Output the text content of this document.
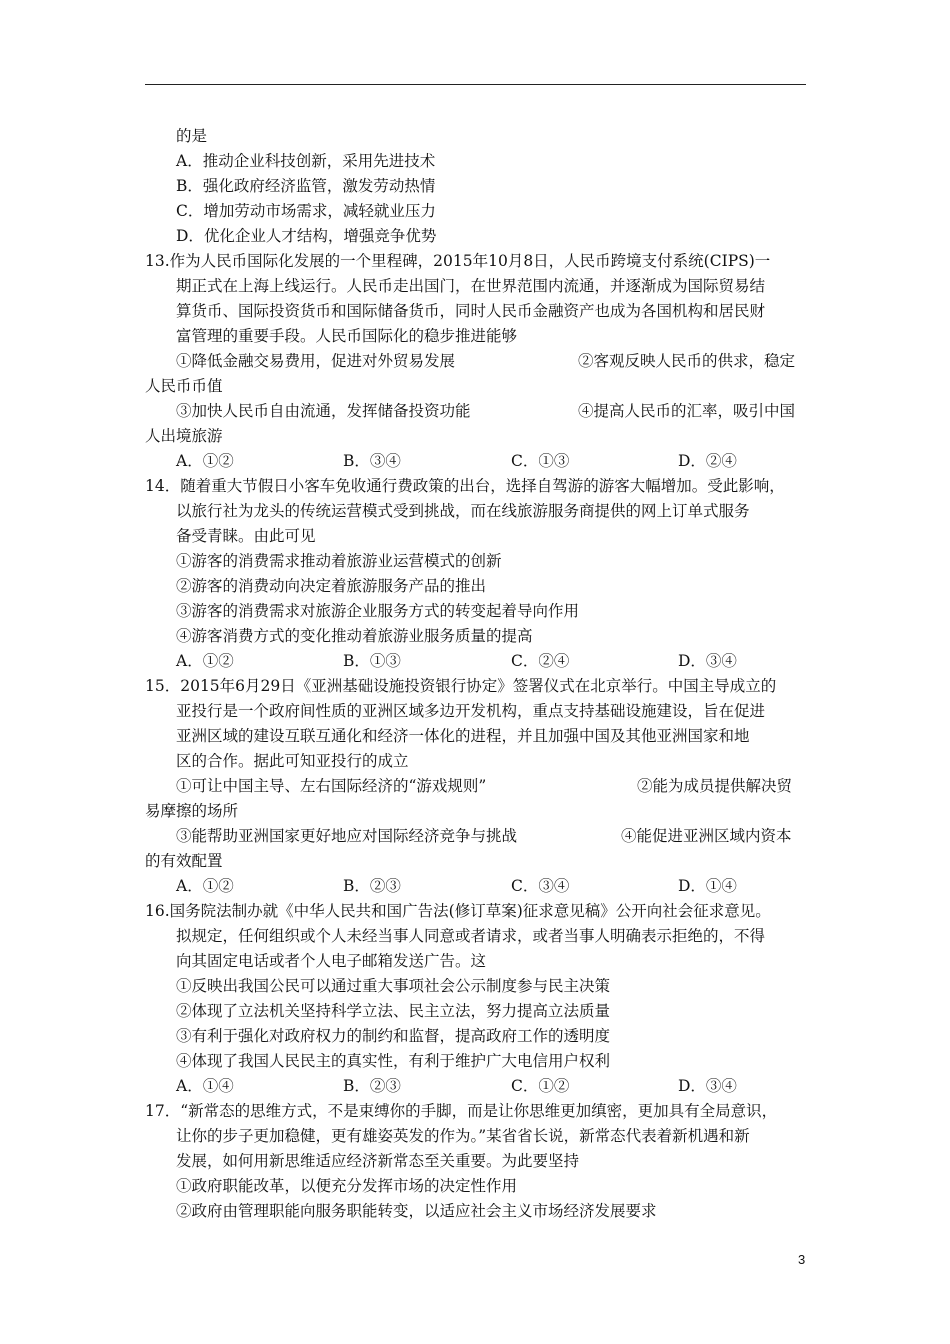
的是
A．推动企业科技创新，采用先进技术
B．强化政府经济监管，激发劳动热情
C．增加劳动市场需求，减轻就业压力
D．优化企业人才结构，增强竞争优势
13.作为人民币国际化发展的一个里程碑，2015年10月8日，人民币跨境支付系统(CIPS)一
期正式在上海上线运行。人民币走出国门，在世界范围内流通，并逐渐成为国际贸易结
算货币、国际投资货币和国际储备货币，同时人民币金融资产也成为各国机构和居民财
富管理的重要手段。人民币国际化的稳步推进能够
①降低金融交易费用，促进对外贸易发展	②客观反映人民币的供求，稳定
人民币币值
③加快人民币自由流通，发挥储备投资功能	④提高人民币的汇率，吸引中国
人出境旅游
A．①②	B．③④	C．①③	D．②④
14．随着重大节假日小客车免收通行费政策的出台，选择自驾游的游客大幅增加。受此影响，
以旅行社为龙头的传统运营模式受到挑战，而在线旅游服务商提供的网上订单式服务
备受青睐。由此可见
①游客的消费需求推动着旅游业运营模式的创新
②游客的消费动向决定着旅游服务产品的推出
③游客的消费需求对旅游企业服务方式的转变起着导向作用
④游客消费方式的变化推动着旅游业服务质量的提高
A．①②	B．①③	C．②④	D．③④
15．2015年6月29日《亚洲基础设施投资银行协定》签署仪式在北京举行。中国主导成立的
亚投行是一个政府间性质的亚洲区域多边开发机构，重点支持基础设施建设，旨在促进
亚洲区域的建设互联互通化和经济一体化的进程，并且加强中国及其他亚洲国家和地
区的合作。据此可知亚投行的成立
①可让中国主导、左右国际经济的“游戏规则”	②能为成员提供解决贸
易摩擦的场所
③能帮助亚洲国家更好地应对国际经济竞争与挑战	④能促进亚洲区域内资本
的有效配置
A．①②	B．②③	C．③④	D．①④
16.国务院法制办就《中华人民共和国广告法(修订草案)征求意见稿》公开向社会征求意见。
拟规定，任何组织或个人未经当事人同意或者请求，或者当事人明确表示拒绝的，不得
向其固定电话或者个人电子邮箱发送广告。这
①反映出我国公民可以通过重大事项社会公示制度参与民主决策
②体现了立法机关坚持科学立法、民主立法，努力提高立法质量
③有利于强化对政府权力的制约和监督，提高政府工作的透明度
④体现了我国人民民主的真实性，有利于维护广大电信用户权利
A．①④	B．②③	C．①②	D．③④
17．“新常态的思维方式，不是束缚你的手脚，而是让你思维更加缜密，更加具有全局意识，
让你的步子更加稳健，更有雄姿英发的作为。”某省省长说，新常态代表着新机遇和新
发展，如何用新思维适应经济新常态至关重要。为此要坚持
①政府职能改革，以便充分发挥市场的决定性作用
②政府由管理职能向服务职能转变，以适应社会主义市场经济发展要求
3
